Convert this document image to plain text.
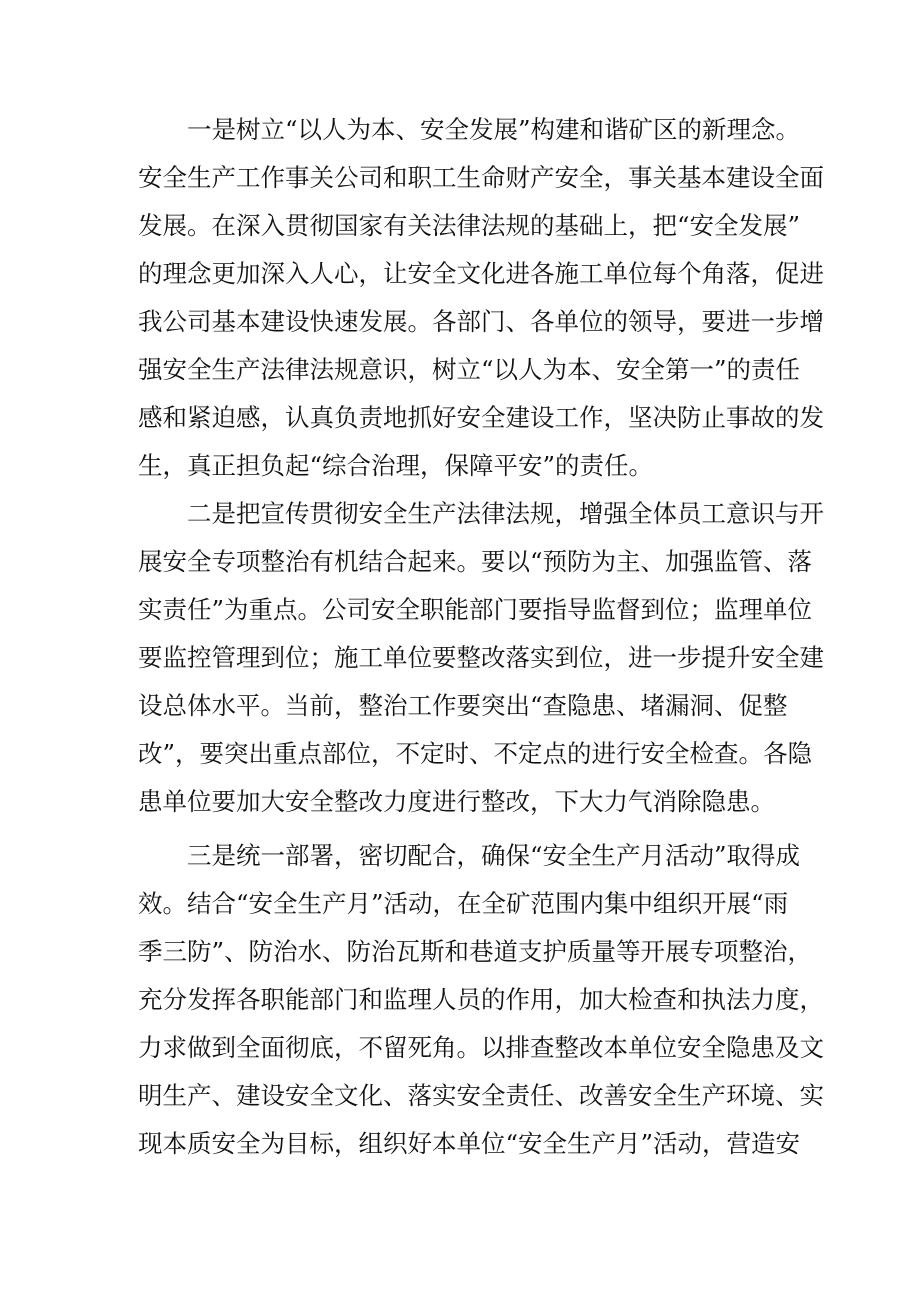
一是树立“以人为本、安全发展”构建和谐矿区的新理念。
安全生产工作事关公司和职工生命财产安全，事关基本建设全面
发展。在深入贯彻国家有关法律法规的基础上，把“安全发展”
的理念更加深入人心，让安全文化进各施工单位每个角落，促进
我公司基本建设快速发展。各部门、各单位的领导，要进一步增
强安全生产法律法规意识，树立“以人为本、安全第一”的责任
感和紧迫感，认真负责地抓好安全建设工作，坚决防止事故的发
生，真正担负起“综合治理，保障平安”的责任。
二是把宣传贯彻安全生产法律法规，增强全体员工意识与开
展安全专项整治有机结合起来。要以“预防为主、加强监管、落
实责任”为重点。公司安全职能部门要指导监督到位；监理单位
要监控管理到位；施工单位要整改落实到位，进一步提升安全建
设总体水平。当前，整治工作要突出“查隐患、堵漏洞、促整
改”，要突出重点部位，不定时、不定点的进行安全检查。各隐
患单位要加大安全整改力度进行整改，下大力气消除隐患。
三是统一部署，密切配合，确保“安全生产月活动”取得成
效。结合“安全生产月”活动，在全矿范围内集中组织开展“雨
季三防”、防治水、防治瓦斯和巷道支护质量等开展专项整治，
充分发挥各职能部门和监理人员的作用，加大检查和执法力度，
力求做到全面彻底，不留死角。以排查整改本单位安全隐患及文
明生产、建设安全文化、落实安全责任、改善安全生产环境、实
现本质安全为目标，组织好本单位“安全生产月”活动，营造安
